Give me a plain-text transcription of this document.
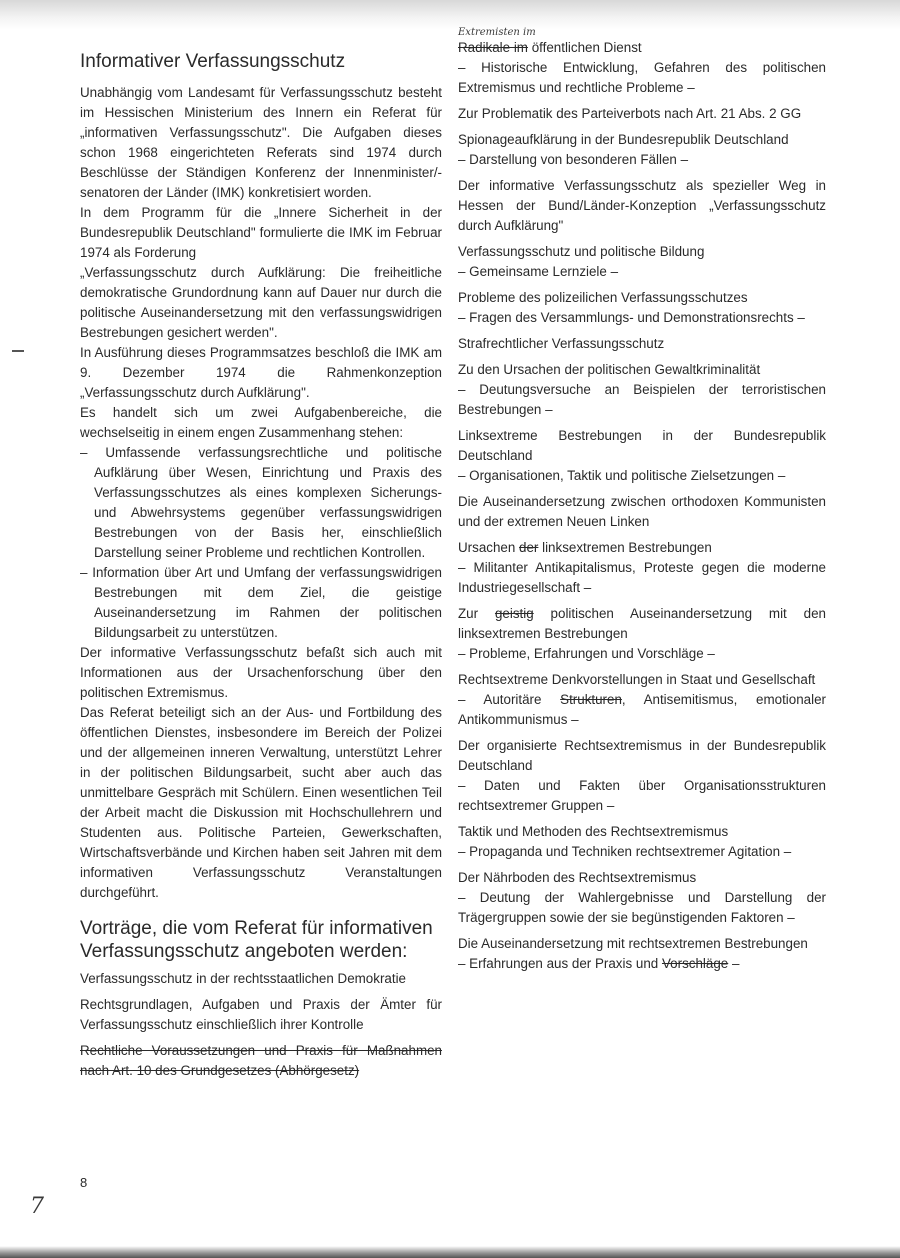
Informativer Verfassungsschutz

Unabhängig vom Landesamt für Verfassungsschutz besteht im Hessischen Ministerium des Innern ein Referat für „informativen Verfassungsschutz". Die Aufgaben dieses schon 1968 eingerichteten Referats sind 1974 durch Beschlüsse der Ständigen Konferenz der Innenminister/-senatoren der Länder (IMK) konkretisiert worden.

In dem Programm für die „Innere Sicherheit in der Bundesrepublik Deutschland" formulierte die IMK im Februar 1974 als Forderung

„Verfassungsschutz durch Aufklärung: Die freiheitliche demokratische Grundordnung kann auf Dauer nur durch die politische Auseinandersetzung mit den verfassungswidrigen Bestrebungen gesichert werden".

In Ausführung dieses Programmsatzes beschloß die IMK am 9. Dezember 1974 die Rahmenkonzeption „Verfassungsschutz durch Aufklärung".

Es handelt sich um zwei Aufgabenbereiche, die wechselseitig in einem engen Zusammenhang stehen:

– Umfassende verfassungsrechtliche und politische Aufklärung über Wesen, Einrichtung und Praxis des Verfassungsschutzes als eines komplexen Sicherungs- und Abwehrsystems gegenüber verfassungswidrigen Bestrebungen von der Basis her, einschließlich Darstellung seiner Probleme und rechtlichen Kontrollen.
– Information über Art und Umfang der verfassungswidrigen Bestrebungen mit dem Ziel, die geistige Auseinandersetzung im Rahmen der politischen Bildungsarbeit zu unterstützen.

Der informative Verfassungsschutz befaßt sich auch mit Informationen aus der Ursachenforschung über den politischen Extremismus.

Das Referat beteiligt sich an der Aus- und Fortbildung des öffentlichen Dienstes, insbesondere im Bereich der Polizei und der allgemeinen inneren Verwaltung, unterstützt Lehrer in der politischen Bildungsarbeit, sucht aber auch das unmittelbare Gespräch mit Schülern. Einen wesentlichen Teil der Arbeit macht die Diskussion mit Hochschullehrern und Studenten aus. Politische Parteien, Gewerkschaften, Wirtschaftsverbände und Kirchen haben seit Jahren mit dem informativen Verfassungsschutz Veranstaltungen durchgeführt.

Vorträge, die vom Referat für informativen Verfassungsschutz angeboten werden:
Verfassungsschutz in der rechtsstaatlichen Demokratie
Rechtsgrundlagen, Aufgaben und Praxis der Ämter für Verfassungsschutz einschließlich ihrer Kontrolle
Rechtliche Voraussetzungen und Praxis für Maßnahmen nach Art. 10 des Grundgesetzes (Abhörgesetz)
Extremisten im
Radikale im öffentlichen Dienst
– Historische Entwicklung, Gefahren des politischen Extremismus und rechtliche Probleme –
Zur Problematik des Parteiverbots nach Art. 21 Abs. 2 GG
Spionageaufklärung in der Bundesrepublik Deutschland
– Darstellung von besonderen Fällen –
Der informative Verfassungsschutz als spezieller Weg in Hessen der Bund/Länder-Konzeption „Verfassungsschutz durch Aufklärung"
Verfassungsschutz und politische Bildung
– Gemeinsame Lernziele –
Probleme des polizeilichen Verfassungsschutzes
– Fragen des Versammlungs- und Demonstrationsrechts –
Strafrechtlicher Verfassungsschutz
Zu den Ursachen der politischen Gewaltkriminalität
– Deutungsversuche an Beispielen der terroristischen Bestrebungen –
Linksextreme Bestrebungen in der Bundesrepublik Deutschland
– Organisationen, Taktik und politische Zielsetzungen –
Die Auseinandersetzung zwischen orthodoxen Kommunisten und der extremen Neuen Linken
Ursachen der linksextremen Bestrebungen
– Militanter Antikapitalismus, Proteste gegen die moderne Industriegesellschaft –
Zur geistig politischen Auseinandersetzung mit den linksextremen Bestrebungen
– Probleme, Erfahrungen und Vorschläge –
Rechtsextreme Denkvorstellungen in Staat und Gesellschaft
– Autoritäre Strukturen, Antisemitismus, emotionaler Antikommunismus –
Der organisierte Rechtsextremismus in der Bundesrepublik Deutschland
– Daten und Fakten über Organisationsstrukturen rechtsextremer Gruppen –
Taktik und Methoden des Rechtsextremismus
– Propaganda und Techniken rechtsextremer Agitation –
Der Nährboden des Rechtsextremismus
– Deutung der Wahlergebnisse und Darstellung der Trägergruppen sowie der sie begünstigenden Faktoren –
Die Auseinandersetzung mit rechtsextremen Bestrebungen
– Erfahrungen aus der Praxis und Vorschläge –
8
7
